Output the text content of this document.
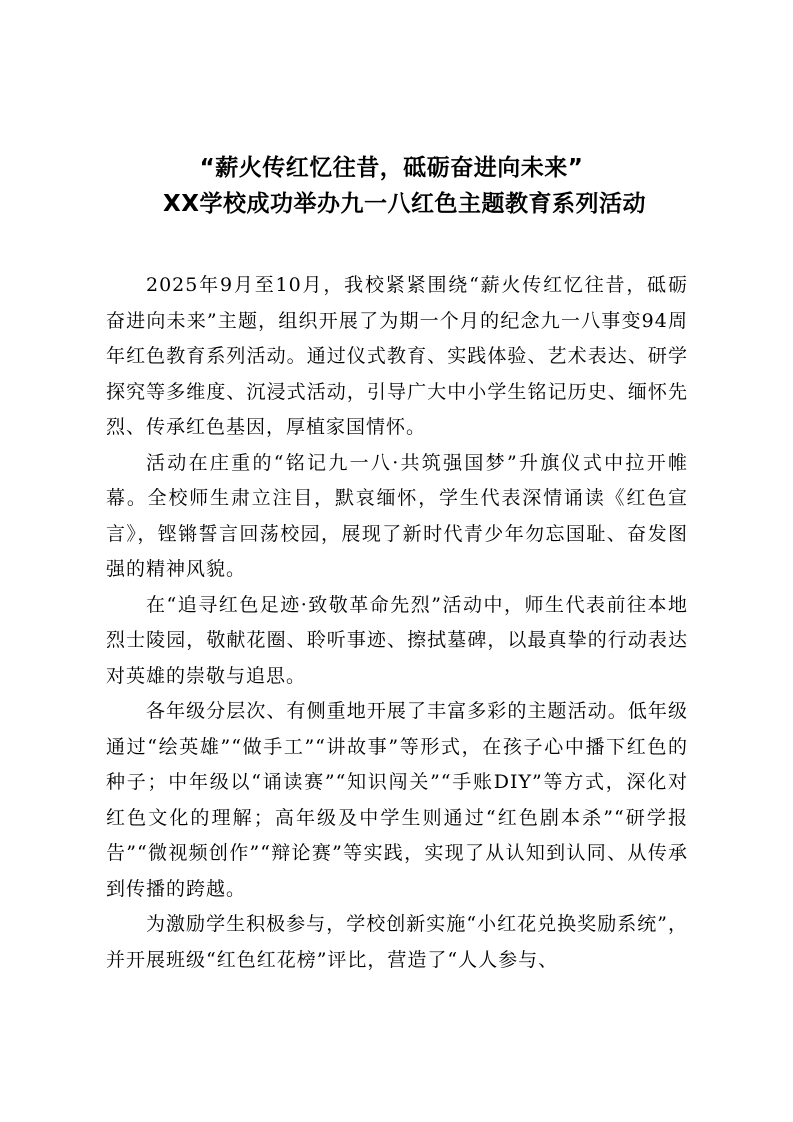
“薪火传红忆往昔，砥砺奋进向未来”
XX学校成功举办九一八红色主题教育系列活动

2025年9月至10月，我校紧紧围绕“薪火传红忆往昔，砥砺奋进向未来”主题，组织开展了为期一个月的纪念九一八事变94周年红色教育系列活动。通过仪式教育、实践体验、艺术表达、研学探究等多维度、沉浸式活动，引导广大中小学生铭记历史、缅怀先烈、传承红色基因，厚植家国情怀。

活动在庄重的“铭记九一八·共筑强国梦”升旗仪式中拉开帷幕。全校师生肃立注目，默哀缅怀，学生代表深情诵读《红色宣言》，铿锵誓言回荡校园，展现了新时代青少年勿忘国耻、奋发图强的精神风貌。

在“追寻红色足迹·致敬革命先烈”活动中，师生代表前往本地烈士陵园，敬献花圈、聆听事迹、擦拭墓碑，以最真挚的行动表达对英雄的崇敬与追思。

各年级分层次、有侧重地开展了丰富多彩的主题活动。低年级通过“绘英雄”“做手工”“讲故事”等形式，在孩子心中播下红色的种子；中年级以“诵读赛”“知识闯关”“手账DIY”等方式，深化对红色文化的理解；高年级及中学生则通过“红色剧本杀”“研学报告”“微视频创作”“辩论赛”等实践，实现了从认知到认同、从传承到传播的跨越。

为激励学生积极参与，学校创新实施“小红花兑换奖励系统”，并开展班级“红色红花榜”评比，营造了“人人参与、
